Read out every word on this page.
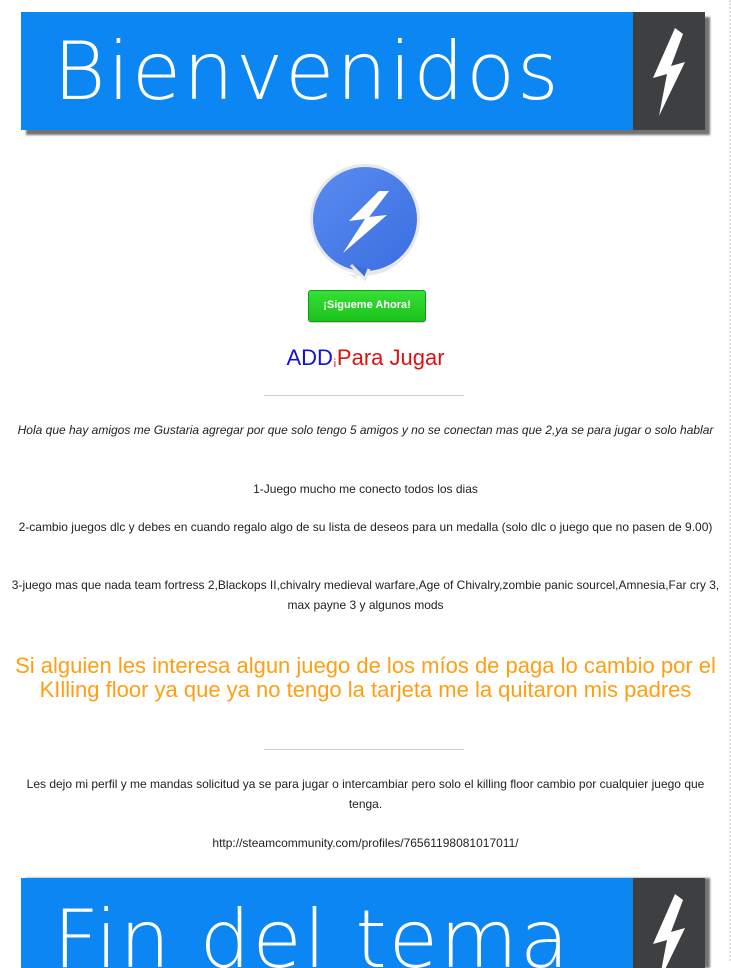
Bienvenidos
¡Sigueme Ahora!
ADD¡Para Jugar
Hola que hay amigos me Gustaria agregar por que solo tengo 5 amigos y no se conectan mas que 2,ya se para jugar o solo hablar
1-Juego mucho me conecto todos los dias
2-cambio juegos dlc y debes en cuando regalo algo de su lista de deseos para un medalla (solo dlc o juego que no pasen de 9.00)
3-juego mas que nada team fortress 2,Blackops II,chivalry medieval warfare,Age of Chivalry,zombie panic sourcel,Amnesia,Far cry 3, max payne 3 y algunos mods
Si alguien les interesa algun juego de los míos de paga lo cambio por el KIlling floor ya que ya no tengo la tarjeta me la quitaron mis padres
Les dejo mi perfil y me mandas solicitud ya se para jugar o intercambiar pero solo el killing floor cambio por cualquier juego que tenga.
http://steamcommunity.com/profiles/76561198081017011/
Fin del tema
